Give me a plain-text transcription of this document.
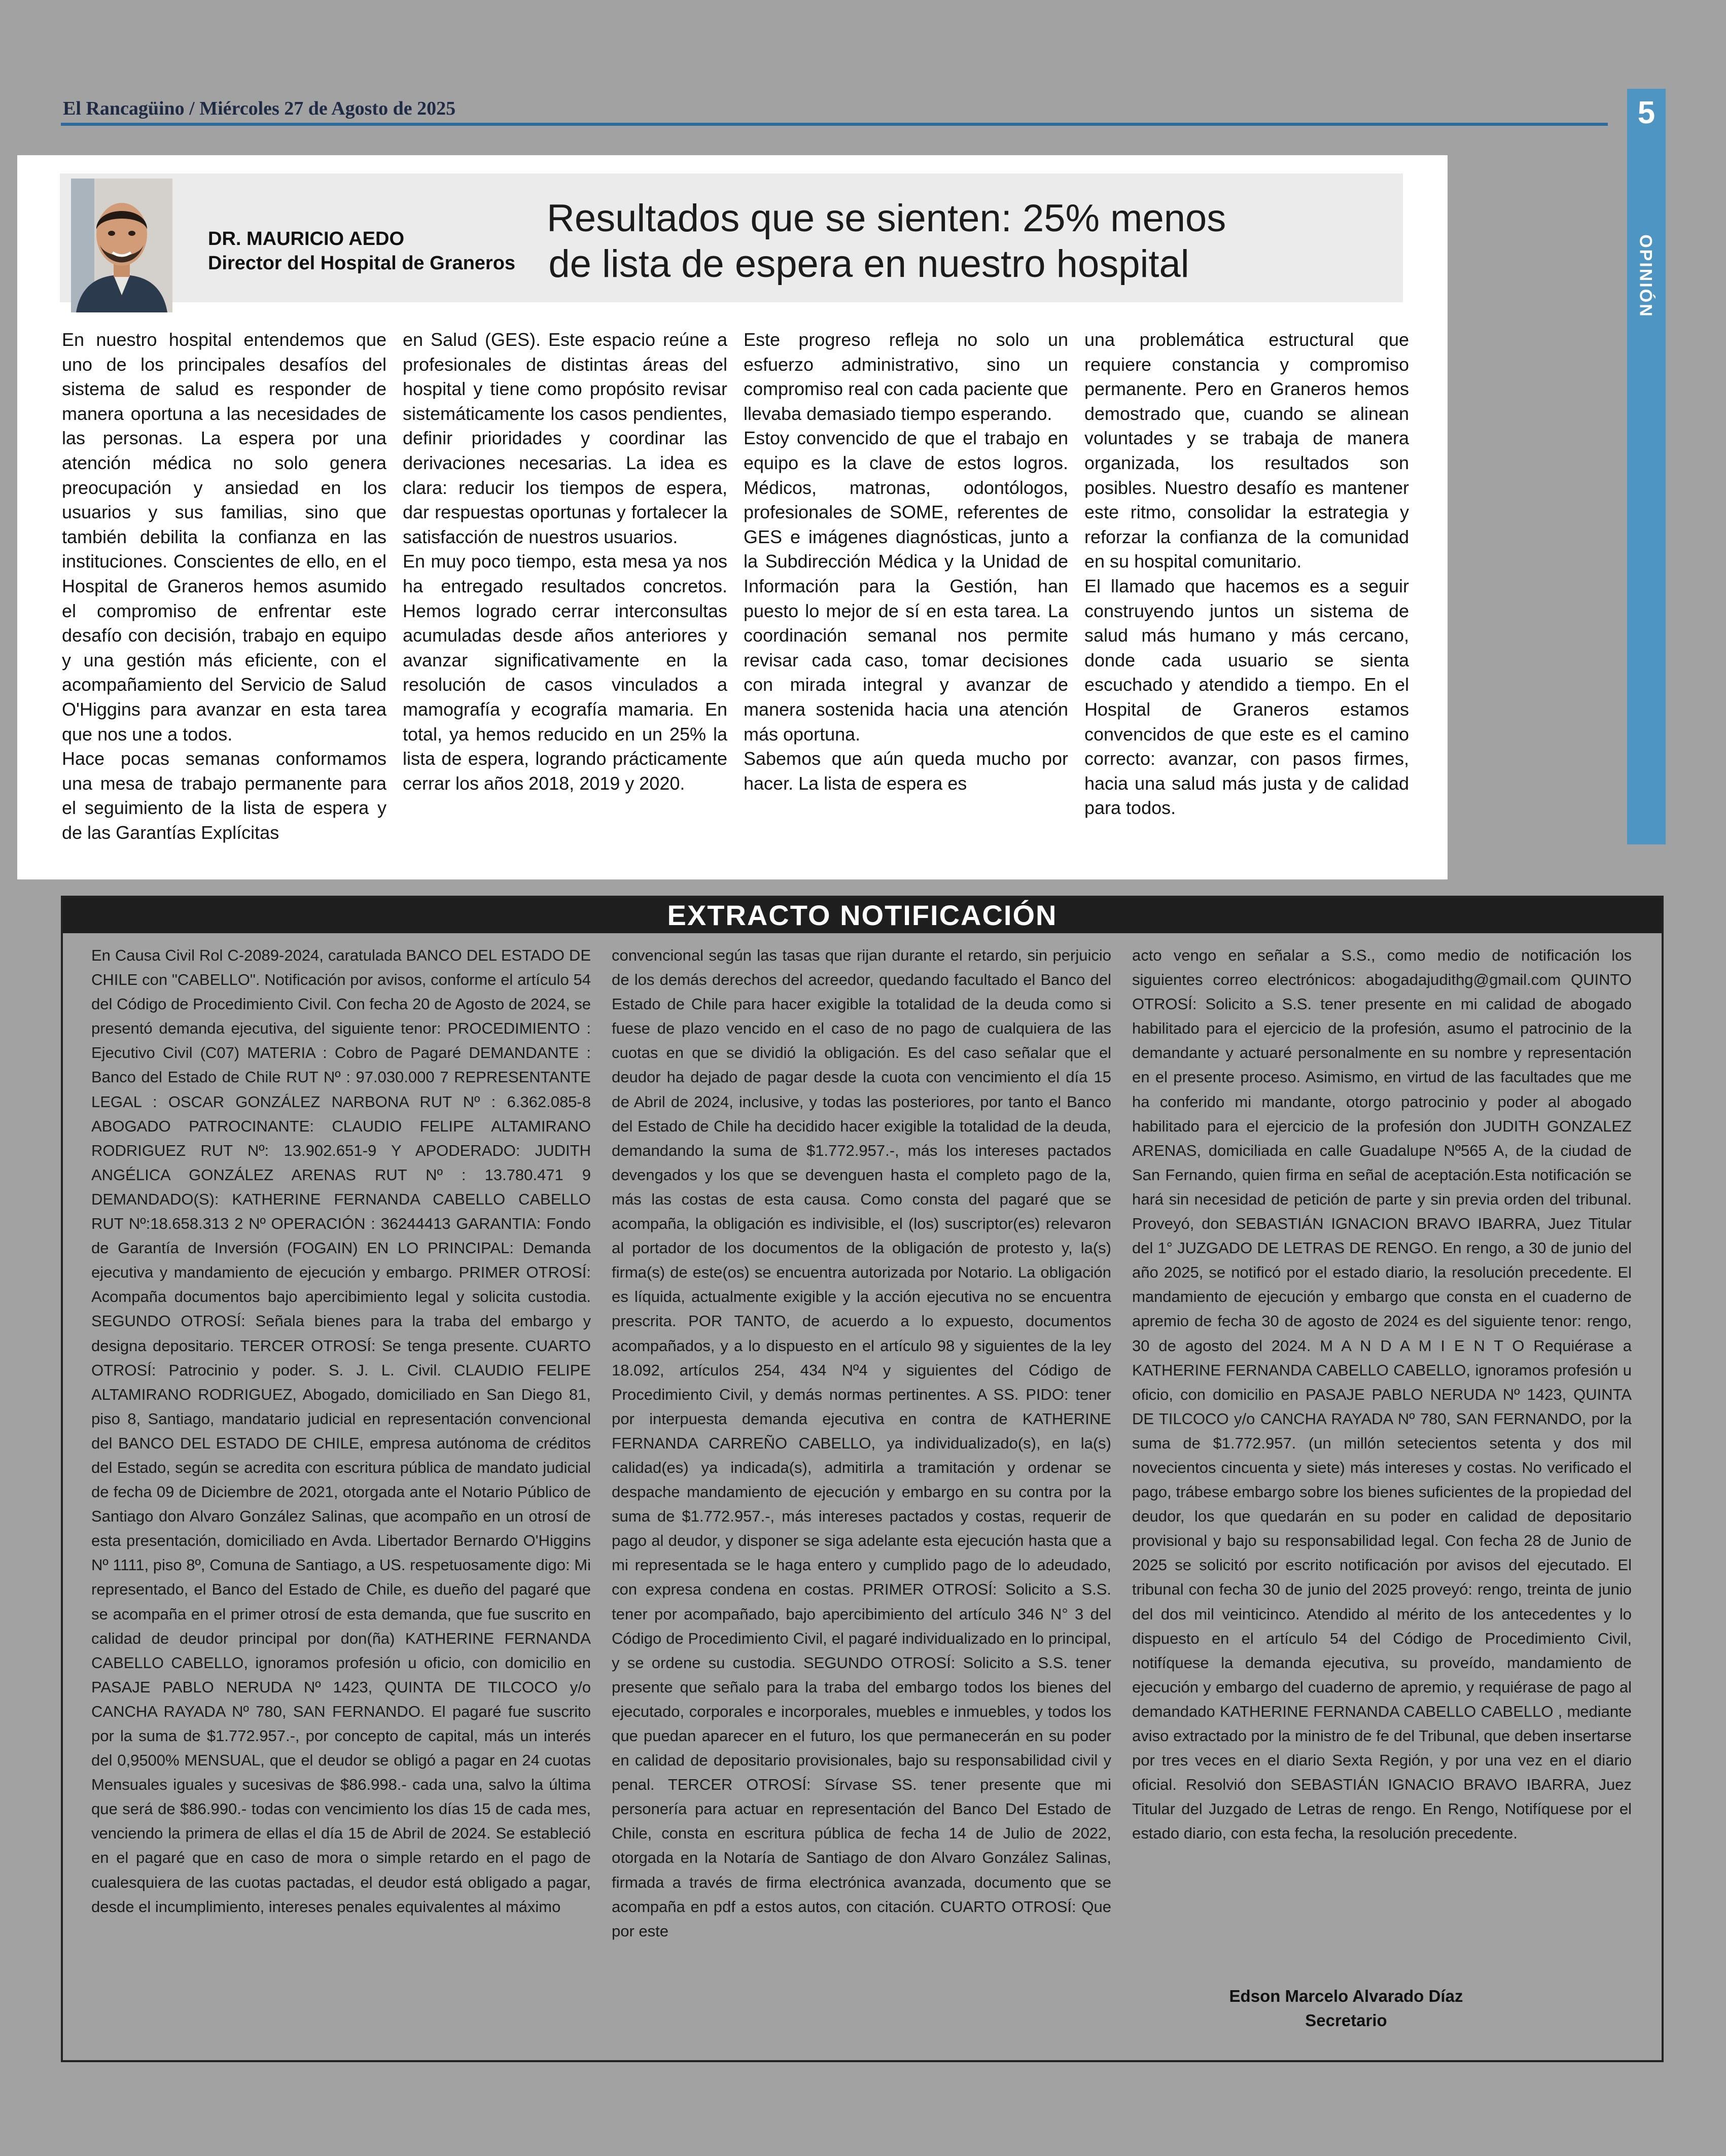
El Rancagüino / Miércoles 27 de Agosto de 2025	5
OPINIÓN
DR. MAURICIO AEDO
Director del Hospital de Graneros
Resultados que se sienten: 25% menos
de lista de espera en nuestro hospital

En nuestro hospital entendemos que uno de los principales desafíos del sistema de salud es responder de manera oportuna a las necesidades de las personas. La espera por una atención médica no solo genera preocupación y ansiedad en los usuarios y sus familias, sino que también debilita la confianza en las instituciones. Conscientes de ello, en el Hospital de Graneros hemos asumido el compromiso de enfrentar este desafío con decisión, trabajo en equipo y una gestión más eficiente, con el acompañamiento del Servicio de Salud O'Higgins para avanzar en esta tarea que nos une a todos.

Hace pocas semanas conformamos una mesa de trabajo permanente para el seguimiento de la lista de espera y de las Garantías Explícitas

en Salud (GES). Este espacio reúne a profesionales de distintas áreas del hospital y tiene como propósito revisar sistemáticamente los casos pendientes, definir prioridades y coordinar las derivaciones necesarias. La idea es clara: reducir los tiempos de espera, dar respuestas oportunas y fortalecer la satisfacción de nuestros usuarios.

En muy poco tiempo, esta mesa ya nos ha entregado resultados concretos. Hemos logrado cerrar interconsultas acumuladas desde años anteriores y avanzar significativamente en la resolución de casos vinculados a mamografía y ecografía mamaria. En total, ya hemos reducido en un 25% la lista de espera, logrando prácticamente cerrar los años 2018, 2019 y 2020.

Este progreso refleja no solo un esfuerzo administrativo, sino un compromiso real con cada paciente que llevaba demasiado tiempo esperando.

Estoy convencido de que el trabajo en equipo es la clave de estos logros. Médicos, matronas, odontólogos, profesionales de SOME, referentes de GES e imágenes diagnósticas, junto a la Subdirección Médica y la Unidad de Información para la Gestión, han puesto lo mejor de sí en esta tarea. La coordinación semanal nos permite revisar cada caso, tomar decisiones con mirada integral y avanzar de manera sostenida hacia una atención más oportuna.

Sabemos que aún queda mucho por hacer. La lista de espera es

una problemática estructural que requiere constancia y compromiso permanente. Pero en Graneros hemos demostrado que, cuando se alinean voluntades y se trabaja de manera organizada, los resultados son posibles. Nuestro desafío es mantener este ritmo, consolidar la estrategia y reforzar la confianza de la comunidad en su hospital comunitario.

El llamado que hacemos es a seguir construyendo juntos un sistema de salud más humano y más cercano, donde cada usuario se sienta escuchado y atendido a tiempo. En el Hospital de Graneros estamos convencidos de que este es el camino correcto: avanzar, con pasos firmes, hacia una salud más justa y de calidad para todos.

EXTRACTO NOTIFICACIÓN

En Causa Civil Rol C-2089-2024, caratulada BANCO DEL ESTADO DE CHILE con "CABELLO". Notificación por avisos, conforme el artículo 54 del Código de Procedimiento Civil. Con fecha 20 de Agosto de 2024, se presentó demanda ejecutiva, del siguiente tenor: PROCEDIMIENTO : Ejecutivo Civil (C07) MATERIA : Cobro de Pagaré DEMANDANTE : Banco del Estado de Chile RUT Nº : 97.030.000 7 REPRESENTANTE LEGAL : OSCAR GONZÁLEZ NARBONA RUT Nº : 6.362.085-8 ABOGADO PATROCINANTE: CLAUDIO FELIPE ALTAMIRANO RODRIGUEZ RUT Nº: 13.902.651-9 Y APODERADO: JUDITH ANGÉLICA GONZÁLEZ ARENAS RUT Nº : 13.780.471 9 DEMANDADO(S): KATHERINE FERNANDA CABELLO CABELLO RUT Nº:18.658.313 2 Nº OPERACIÓN : 36244413 GARANTIA: Fondo de Garantía de Inversión (FOGAIN) EN LO PRINCIPAL: Demanda ejecutiva y mandamiento de ejecución y embargo. PRIMER OTROSÍ: Acompaña documentos bajo apercibimiento legal y solicita custodia. SEGUNDO OTROSÍ: Señala bienes para la traba del embargo y designa depositario. TERCER OTROSÍ: Se tenga presente. CUARTO OTROSÍ: Patrocinio y poder. S. J. L. Civil. CLAUDIO FELIPE ALTAMIRANO RODRIGUEZ, Abogado, domiciliado en San Diego 81, piso 8, Santiago, mandatario judicial en representación convencional del BANCO DEL ESTADO DE CHILE, empresa autónoma de créditos del Estado, según se acredita con escritura pública de mandato judicial de fecha 09 de Diciembre de 2021, otorgada ante el Notario Público de Santiago don Alvaro González Salinas, que acompaño en un otrosí de esta presentación, domiciliado en Avda. Libertador Bernardo O'Higgins Nº 1111, piso 8º, Comuna de Santiago, a US. respetuosamente digo: Mi representado, el Banco del Estado de Chile, es dueño del pagaré que se acompaña en el primer otrosí de esta demanda, que fue suscrito en calidad de deudor principal por don(ña) KATHERINE FERNANDA CABELLO CABELLO, ignoramos profesión u oficio, con domicilio en PASAJE PABLO NERUDA Nº 1423, QUINTA DE TILCOCO y/o CANCHA RAYADA Nº 780, SAN FERNANDO. El pagaré fue suscrito por la suma de $1.772.957.-, por concepto de capital, más un interés del 0,9500% MENSUAL, que el deudor se obligó a pagar en 24 cuotas Mensuales iguales y sucesivas de $86.998.- cada una, salvo la última que será de $86.990.- todas con vencimiento los días 15 de cada mes, venciendo la primera de ellas el día 15 de Abril de 2024. Se estableció en el pagaré que en caso de mora o simple retardo en el pago de cualesquiera de las cuotas pactadas, el deudor está obligado a pagar, desde el incumplimiento, intereses penales equivalentes al máximo

convencional según las tasas que rijan durante el retardo, sin perjuicio de los demás derechos del acreedor, quedando facultado el Banco del Estado de Chile para hacer exigible la totalidad de la deuda como si fuese de plazo vencido en el caso de no pago de cualquiera de las cuotas en que se dividió la obligación. Es del caso señalar que el deudor ha dejado de pagar desde la cuota con vencimiento el día 15 de Abril de 2024, inclusive, y todas las posteriores, por tanto el Banco del Estado de Chile ha decidido hacer exigible la totalidad de la deuda, demandando la suma de $1.772.957.-, más los intereses pactados devengados y los que se devenguen hasta el completo pago de la, más las costas de esta causa. Como consta del pagaré que se acompaña, la obligación es indivisible, el (los) suscriptor(es) relevaron al portador de los documentos de la obligación de protesto y, la(s) firma(s) de este(os) se encuentra autorizada por Notario. La obligación es líquida, actualmente exigible y la acción ejecutiva no se encuentra prescrita. POR TANTO, de acuerdo a lo expuesto, documentos acompañados, y a lo dispuesto en el artículo 98 y siguientes de la ley 18.092, artículos 254, 434 Nº4 y siguientes del Código de Procedimiento Civil, y demás normas pertinentes. A SS. PIDO: tener por interpuesta demanda ejecutiva en contra de KATHERINE FERNANDA CARREÑO CABELLO, ya individualizado(s), en la(s) calidad(es) ya indicada(s), admitirla a tramitación y ordenar se despache mandamiento de ejecución y embargo en su contra por la suma de $1.772.957.-, más intereses pactados y costas, requerir de pago al deudor, y disponer se siga adelante esta ejecución hasta que a mi representada se le haga entero y cumplido pago de lo adeudado, con expresa condena en costas. PRIMER OTROSÍ: Solicito a S.S. tener por acompañado, bajo apercibimiento del artículo 346 N° 3 del Código de Procedimiento Civil, el pagaré individualizado en lo principal, y se ordene su custodia. SEGUNDO OTROSÍ: Solicito a S.S. tener presente que señalo para la traba del embargo todos los bienes del ejecutado, corporales e incorporales, muebles e inmuebles, y todos los que puedan aparecer en el futuro, los que permanecerán en su poder en calidad de depositario provisionales, bajo su responsabilidad civil y penal. TERCER OTROSÍ: Sírvase SS. tener presente que mi personería para actuar en representación del Banco Del Estado de Chile, consta en escritura pública de fecha 14 de Julio de 2022, otorgada en la Notaría de Santiago de don Alvaro González Salinas, firmada a través de firma electrónica avanzada, documento que se acompaña en pdf a estos autos, con citación. CUARTO OTROSÍ: Que por este

acto vengo en señalar a S.S., como medio de notificación los siguientes correo electrónicos: abogadajudithg@gmail.com QUINTO OTROSÍ: Solicito a S.S. tener presente en mi calidad de abogado habilitado para el ejercicio de la profesión, asumo el patrocinio de la demandante y actuaré personalmente en su nombre y representación en el presente proceso. Asimismo, en virtud de las facultades que me ha conferido mi mandante, otorgo patrocinio y poder al abogado habilitado para el ejercicio de la profesión don JUDITH GONZALEZ ARENAS, domiciliada en calle Guadalupe Nº565 A, de la ciudad de San Fernando, quien firma en señal de aceptación.Esta notificación se hará sin necesidad de petición de parte y sin previa orden del tribunal. Proveyó, don SEBASTIÁN IGNACION BRAVO IBARRA, Juez Titular del 1° JUZGADO DE LETRAS DE RENGO. En rengo, a 30 de junio del año 2025, se notificó por el estado diario, la resolución precedente. El mandamiento de ejecución y embargo que consta en el cuaderno de apremio de fecha 30 de agosto de 2024 es del siguiente tenor: rengo, 30 de agosto del 2024. M A N D A M I E N T O Requiérase a KATHERINE FERNANDA CABELLO CABELLO, ignoramos profesión u oficio, con domicilio en PASAJE PABLO NERUDA Nº 1423, QUINTA DE TILCOCO y/o CANCHA RAYADA Nº 780, SAN FERNANDO, por la suma de $1.772.957. (un millón setecientos setenta y dos mil novecientos cincuenta y siete) más intereses y costas. No verificado el pago, trábese embargo sobre los bienes suficientes de la propiedad del deudor, los que quedarán en su poder en calidad de depositario provisional y bajo su responsabilidad legal. Con fecha 28 de Junio de 2025 se solicitó por escrito notificación por avisos del ejecutado. El tribunal con fecha 30 de junio del 2025 proveyó: rengo, treinta de junio del dos mil veinticinco. Atendido al mérito de los antecedentes y lo dispuesto en el artículo 54 del Código de Procedimiento Civil, notifíquese la demanda ejecutiva, su proveído, mandamiento de ejecución y embargo del cuaderno de apremio, y requiérase de pago al demandado KATHERINE FERNANDA CABELLO CABELLO , mediante aviso extractado por la ministro de fe del Tribunal, que deben insertarse por tres veces en el diario Sexta Región, y por una vez en el diario oficial. Resolvió don SEBASTIÁN IGNACIO BRAVO IBARRA, Juez Titular del Juzgado de Letras de rengo. En Rengo, Notifíquese por el estado diario, con esta fecha, la resolución precedente.

Edson Marcelo Alvarado Díaz
Secretario
